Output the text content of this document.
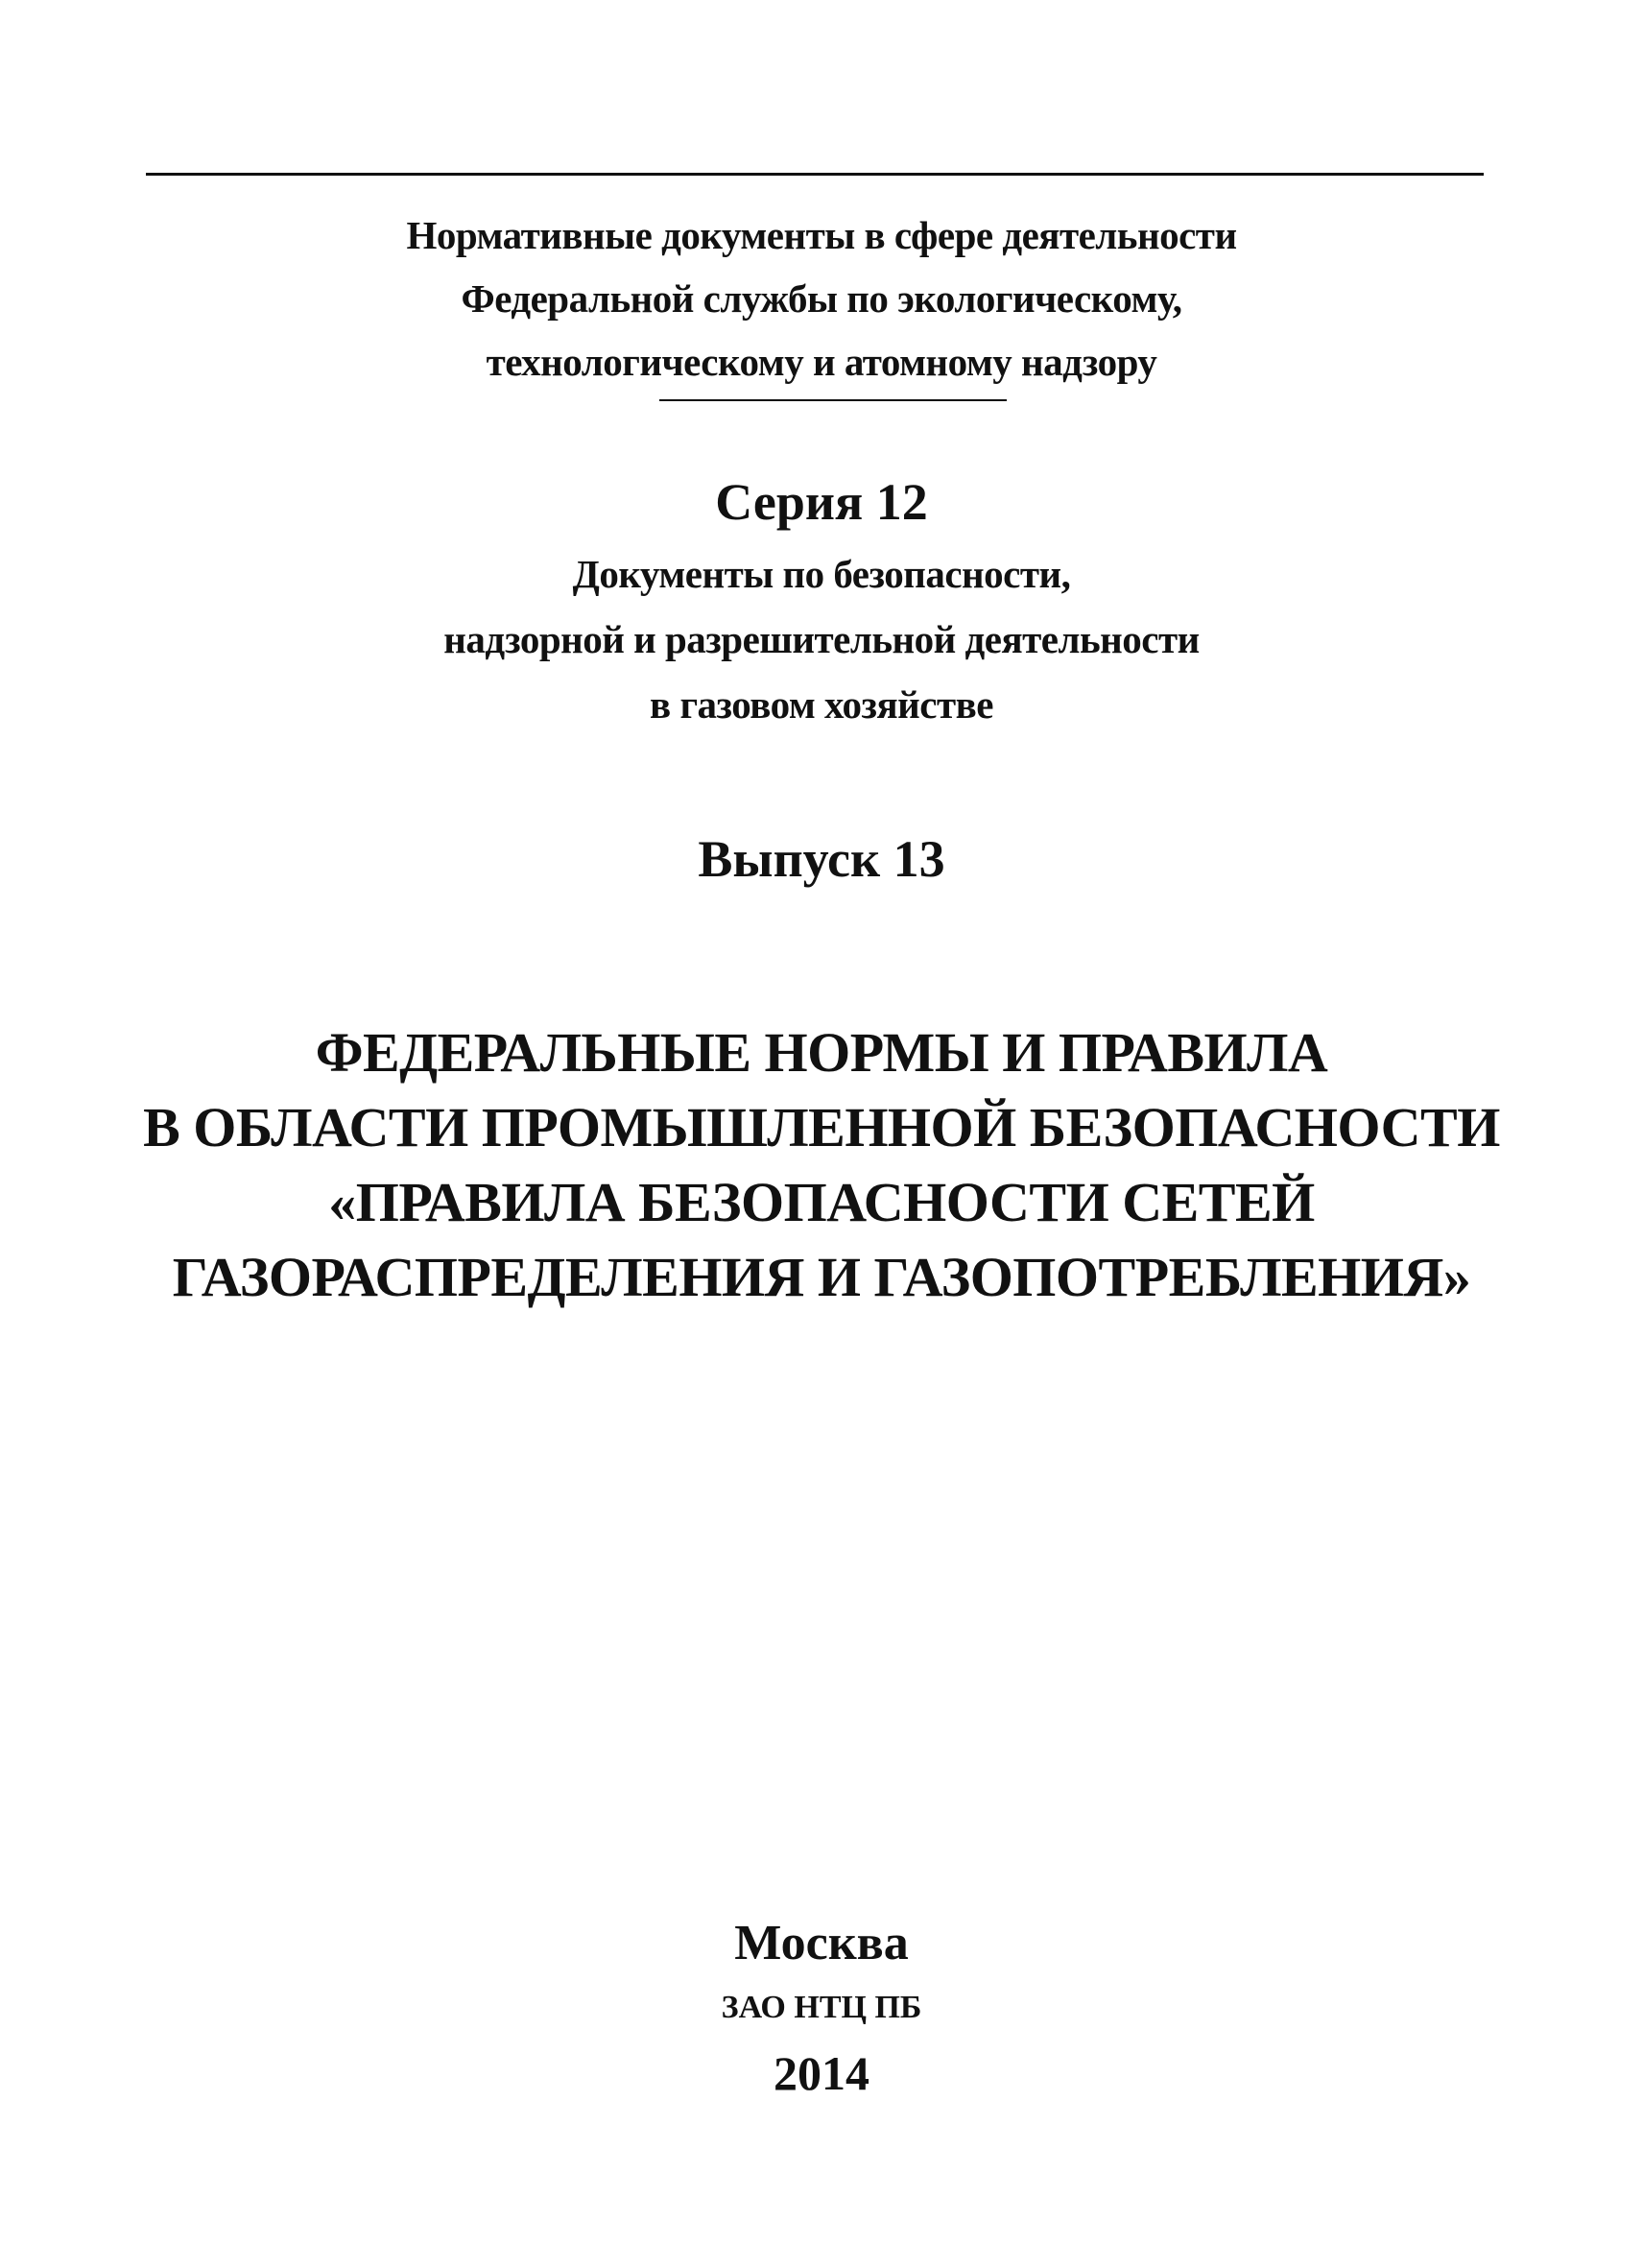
Нормативные документы в сфере деятельности
Федеральной службы по экологическому,
технологическому и атомному надзору
Серия 12
Документы по безопасности,
надзорной и разрешительной деятельности
в газовом хозяйстве
Выпуск 13
ФЕДЕРАЛЬНЫЕ НОРМЫ И ПРАВИЛА
В ОБЛАСТИ ПРОМЫШЛЕННОЙ БЕЗОПАСНОСТИ
«ПРАВИЛА БЕЗОПАСНОСТИ СЕТЕЙ
ГАЗОРАСПРЕДЕЛЕНИЯ И ГАЗОПОТРЕБЛЕНИЯ»
Москва
ЗАО НТЦ ПБ
2014
